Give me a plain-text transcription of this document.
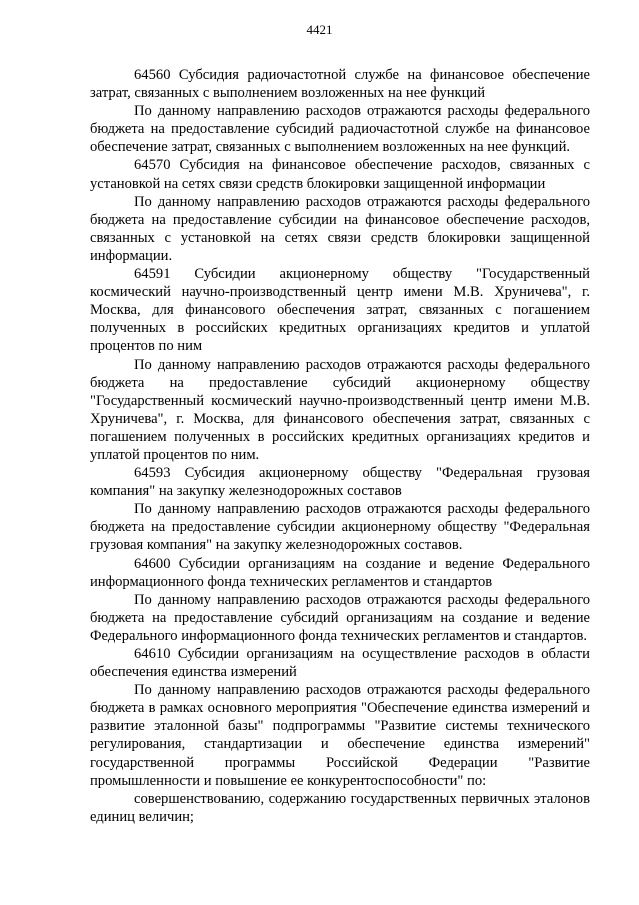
4421

64560 Субсидия радиочастотной службе на финансовое обеспечение затрат, связанных с выполнением возложенных на нее функций

По данному направлению расходов отражаются расходы федерального бюджета на предоставление субсидий радиочастотной службе на финансовое обеспечение затрат, связанных с выполнением возложенных на нее функций.

64570 Субсидия на финансовое обеспечение расходов, связанных с установкой на сетях связи средств блокировки защищенной информации

По данному направлению расходов отражаются расходы федерального бюджета на предоставление субсидии на финансовое обеспечение расходов, связанных с установкой на сетях связи средств блокировки защищенной информации.

64591 Субсидии акционерному обществу "Государственный космический научно-производственный центр имени М.В. Хруничева", г. Москва, для финансового обеспечения затрат, связанных с погашением полученных в российских кредитных организациях кредитов и уплатой процентов по ним

По данному направлению расходов отражаются расходы федерального бюджета на предоставление субсидий акционерному обществу "Государственный космический научно-производственный центр имени М.В. Хруничева", г. Москва, для финансового обеспечения затрат, связанных с погашением полученных в российских кредитных организациях кредитов и уплатой процентов по ним.

64593 Субсидия акционерному обществу "Федеральная грузовая компания" на закупку железнодорожных составов

По данному направлению расходов отражаются расходы федерального бюджета на предоставление субсидии акционерному обществу "Федеральная грузовая компания" на закупку железнодорожных составов.

64600 Субсидии организациям на создание и ведение Федерального информационного фонда технических регламентов и стандартов

По данному направлению расходов отражаются расходы федерального бюджета на предоставление субсидий организациям на создание и ведение Федерального информационного фонда технических регламентов и стандартов.

64610 Субсидии организациям на осуществление расходов в области обеспечения единства измерений

По данному направлению расходов отражаются расходы федерального бюджета в рамках основного мероприятия "Обеспечение единства измерений и развитие эталонной базы" подпрограммы "Развитие системы технического регулирования, стандартизации и обеспечение единства измерений" государственной программы Российской Федерации "Развитие промышленности и повышение ее конкурентоспособности" по:

совершенствованию, содержанию государственных первичных эталонов единиц величин;
